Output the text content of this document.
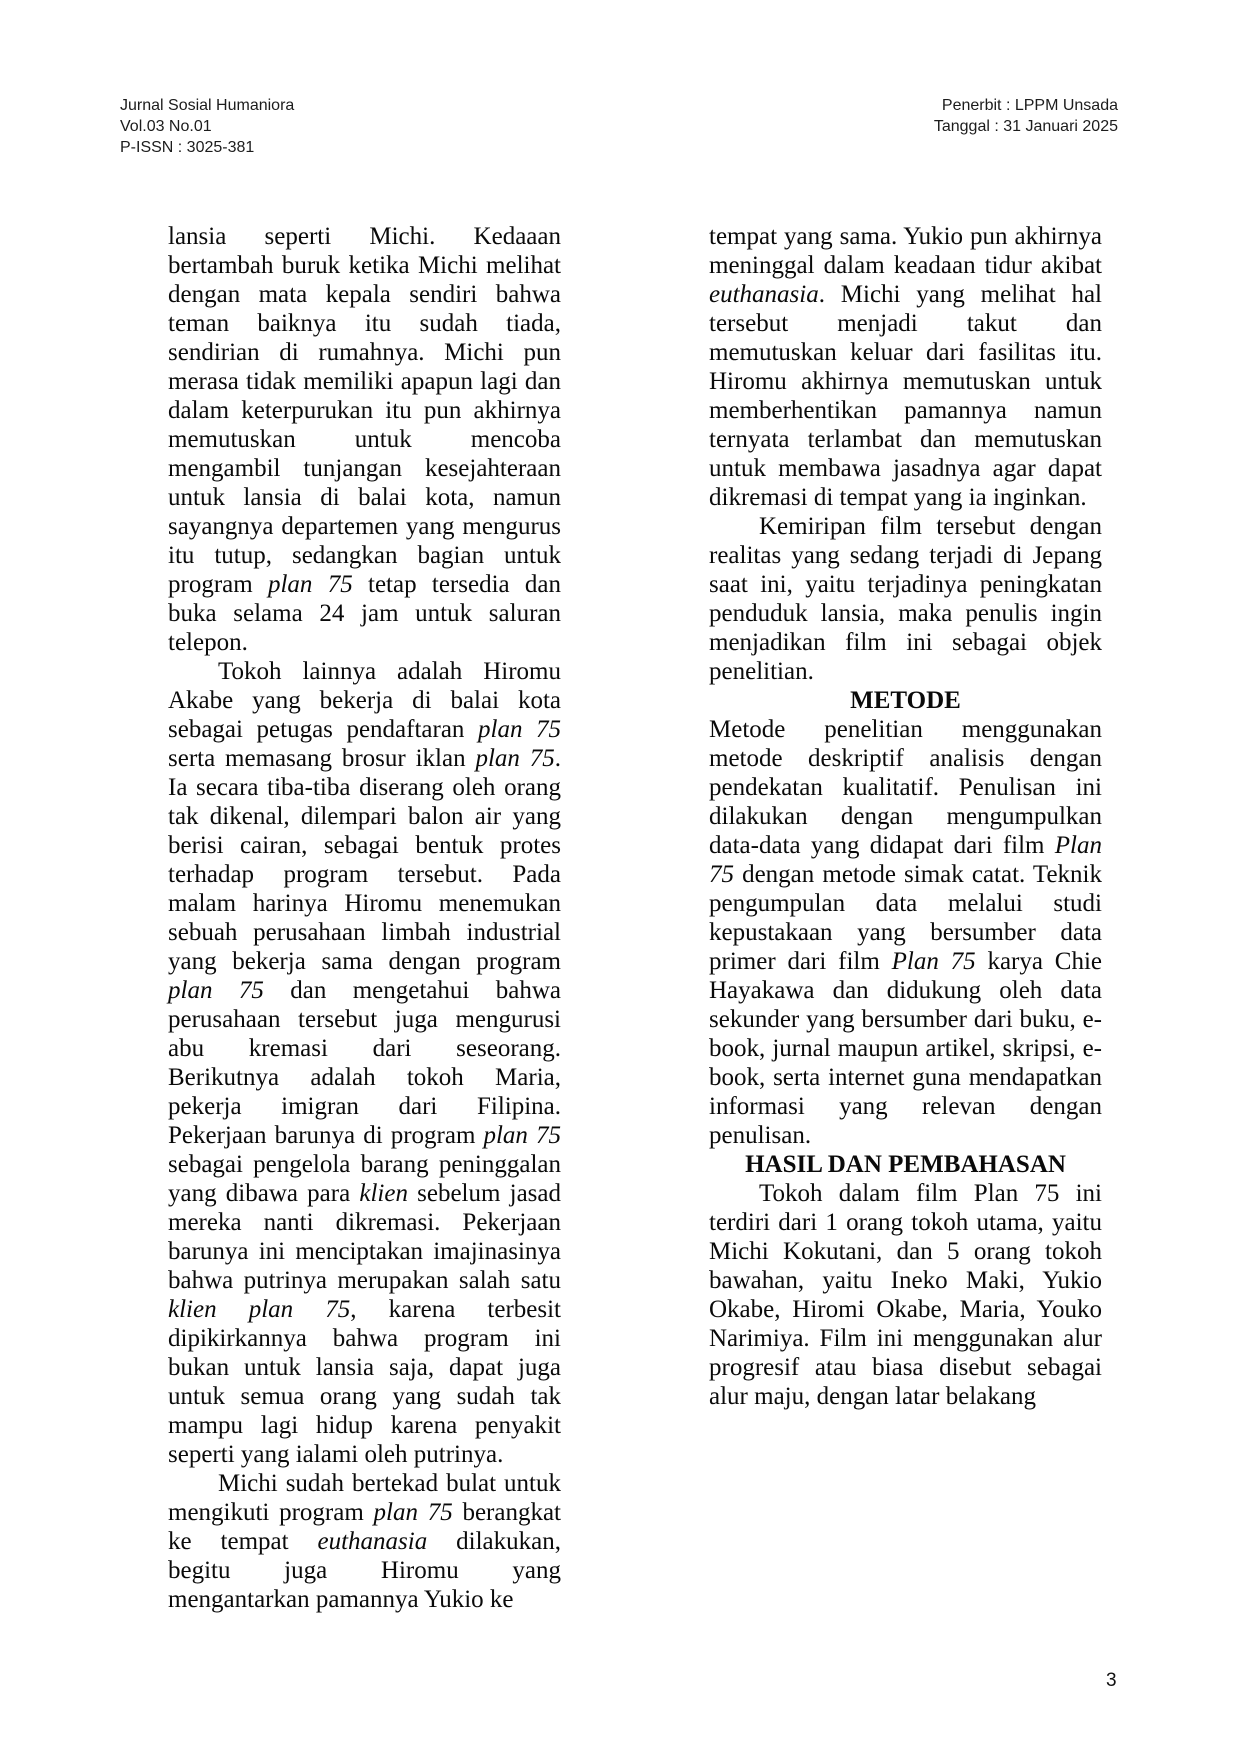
Jurnal Sosial Humaniora
Vol.03 No.01
P-ISSN : 3025-381
Penerbit : LPPM Unsada
Tanggal : 31 Januari 2025

lansia seperti Michi. Kedaaan bertambah buruk ketika Michi melihat dengan mata kepala sendiri bahwa teman baiknya itu sudah tiada, sendirian di rumahnya. Michi pun merasa tidak memiliki apapun lagi dan dalam keterpurukan itu pun akhirnya memutuskan untuk mencoba mengambil tunjangan kesejahteraan untuk lansia di balai kota, namun sayangnya departemen yang mengurus itu tutup, sedangkan bagian untuk program plan 75 tetap tersedia dan buka selama 24 jam untuk saluran telepon.

Tokoh lainnya adalah Hiromu Akabe yang bekerja di balai kota sebagai petugas pendaftaran plan 75 serta memasang brosur iklan plan 75. Ia secara tiba-tiba diserang oleh orang tak dikenal, dilempari balon air yang berisi cairan, sebagai bentuk protes terhadap program tersebut. Pada malam harinya Hiromu menemukan sebuah perusahaan limbah industrial yang bekerja sama dengan program plan 75 dan mengetahui bahwa perusahaan tersebut juga mengurusi abu kremasi dari seseorang. Berikutnya adalah tokoh Maria, pekerja imigran dari Filipina. Pekerjaan barunya di program plan 75 sebagai pengelola barang peninggalan yang dibawa para klien sebelum jasad mereka nanti dikremasi. Pekerjaan barunya ini menciptakan imajinasinya bahwa putrinya merupakan salah satu klien plan 75, karena terbesit dipikirkannya bahwa program ini bukan untuk lansia saja, dapat juga untuk semua orang yang sudah tak mampu lagi hidup karena penyakit seperti yang ialami oleh putrinya.

Michi sudah bertekad bulat untuk mengikuti program plan 75 berangkat ke tempat euthanasia dilakukan, begitu juga Hiromu yang mengantarkan pamannya Yukio ke

tempat yang sama. Yukio pun akhirnya meninggal dalam keadaan tidur akibat euthanasia. Michi yang melihat hal tersebut menjadi takut dan memutuskan keluar dari fasilitas itu. Hiromu akhirnya memutuskan untuk memberhentikan pamannya namun ternyata terlambat dan memutuskan untuk membawa jasadnya agar dapat dikremasi di tempat yang ia inginkan.

Kemiripan film tersebut dengan realitas yang sedang terjadi di Jepang saat ini, yaitu terjadinya peningkatan penduduk lansia, maka penulis ingin menjadikan film ini sebagai objek penelitian.

METODE

Metode penelitian menggunakan metode deskriptif analisis dengan pendekatan kualitatif. Penulisan ini dilakukan dengan mengumpulkan data-data yang didapat dari film Plan 75 dengan metode simak catat. Teknik pengumpulan data melalui studi kepustakaan yang bersumber data primer dari film Plan 75 karya Chie Hayakawa dan didukung oleh data sekunder yang bersumber dari buku, e-book, jurnal maupun artikel, skripsi, e-book, serta internet guna mendapatkan informasi yang relevan dengan penulisan.

HASIL DAN PEMBAHASAN

Tokoh dalam film Plan 75 ini terdiri dari 1 orang tokoh utama, yaitu Michi Kokutani, dan 5 orang tokoh bawahan, yaitu Ineko Maki, Yukio Okabe, Hiromi Okabe, Maria, Youko Narimiya. Film ini menggunakan alur progresif atau biasa disebut sebagai alur maju, dengan latar belakang

3
